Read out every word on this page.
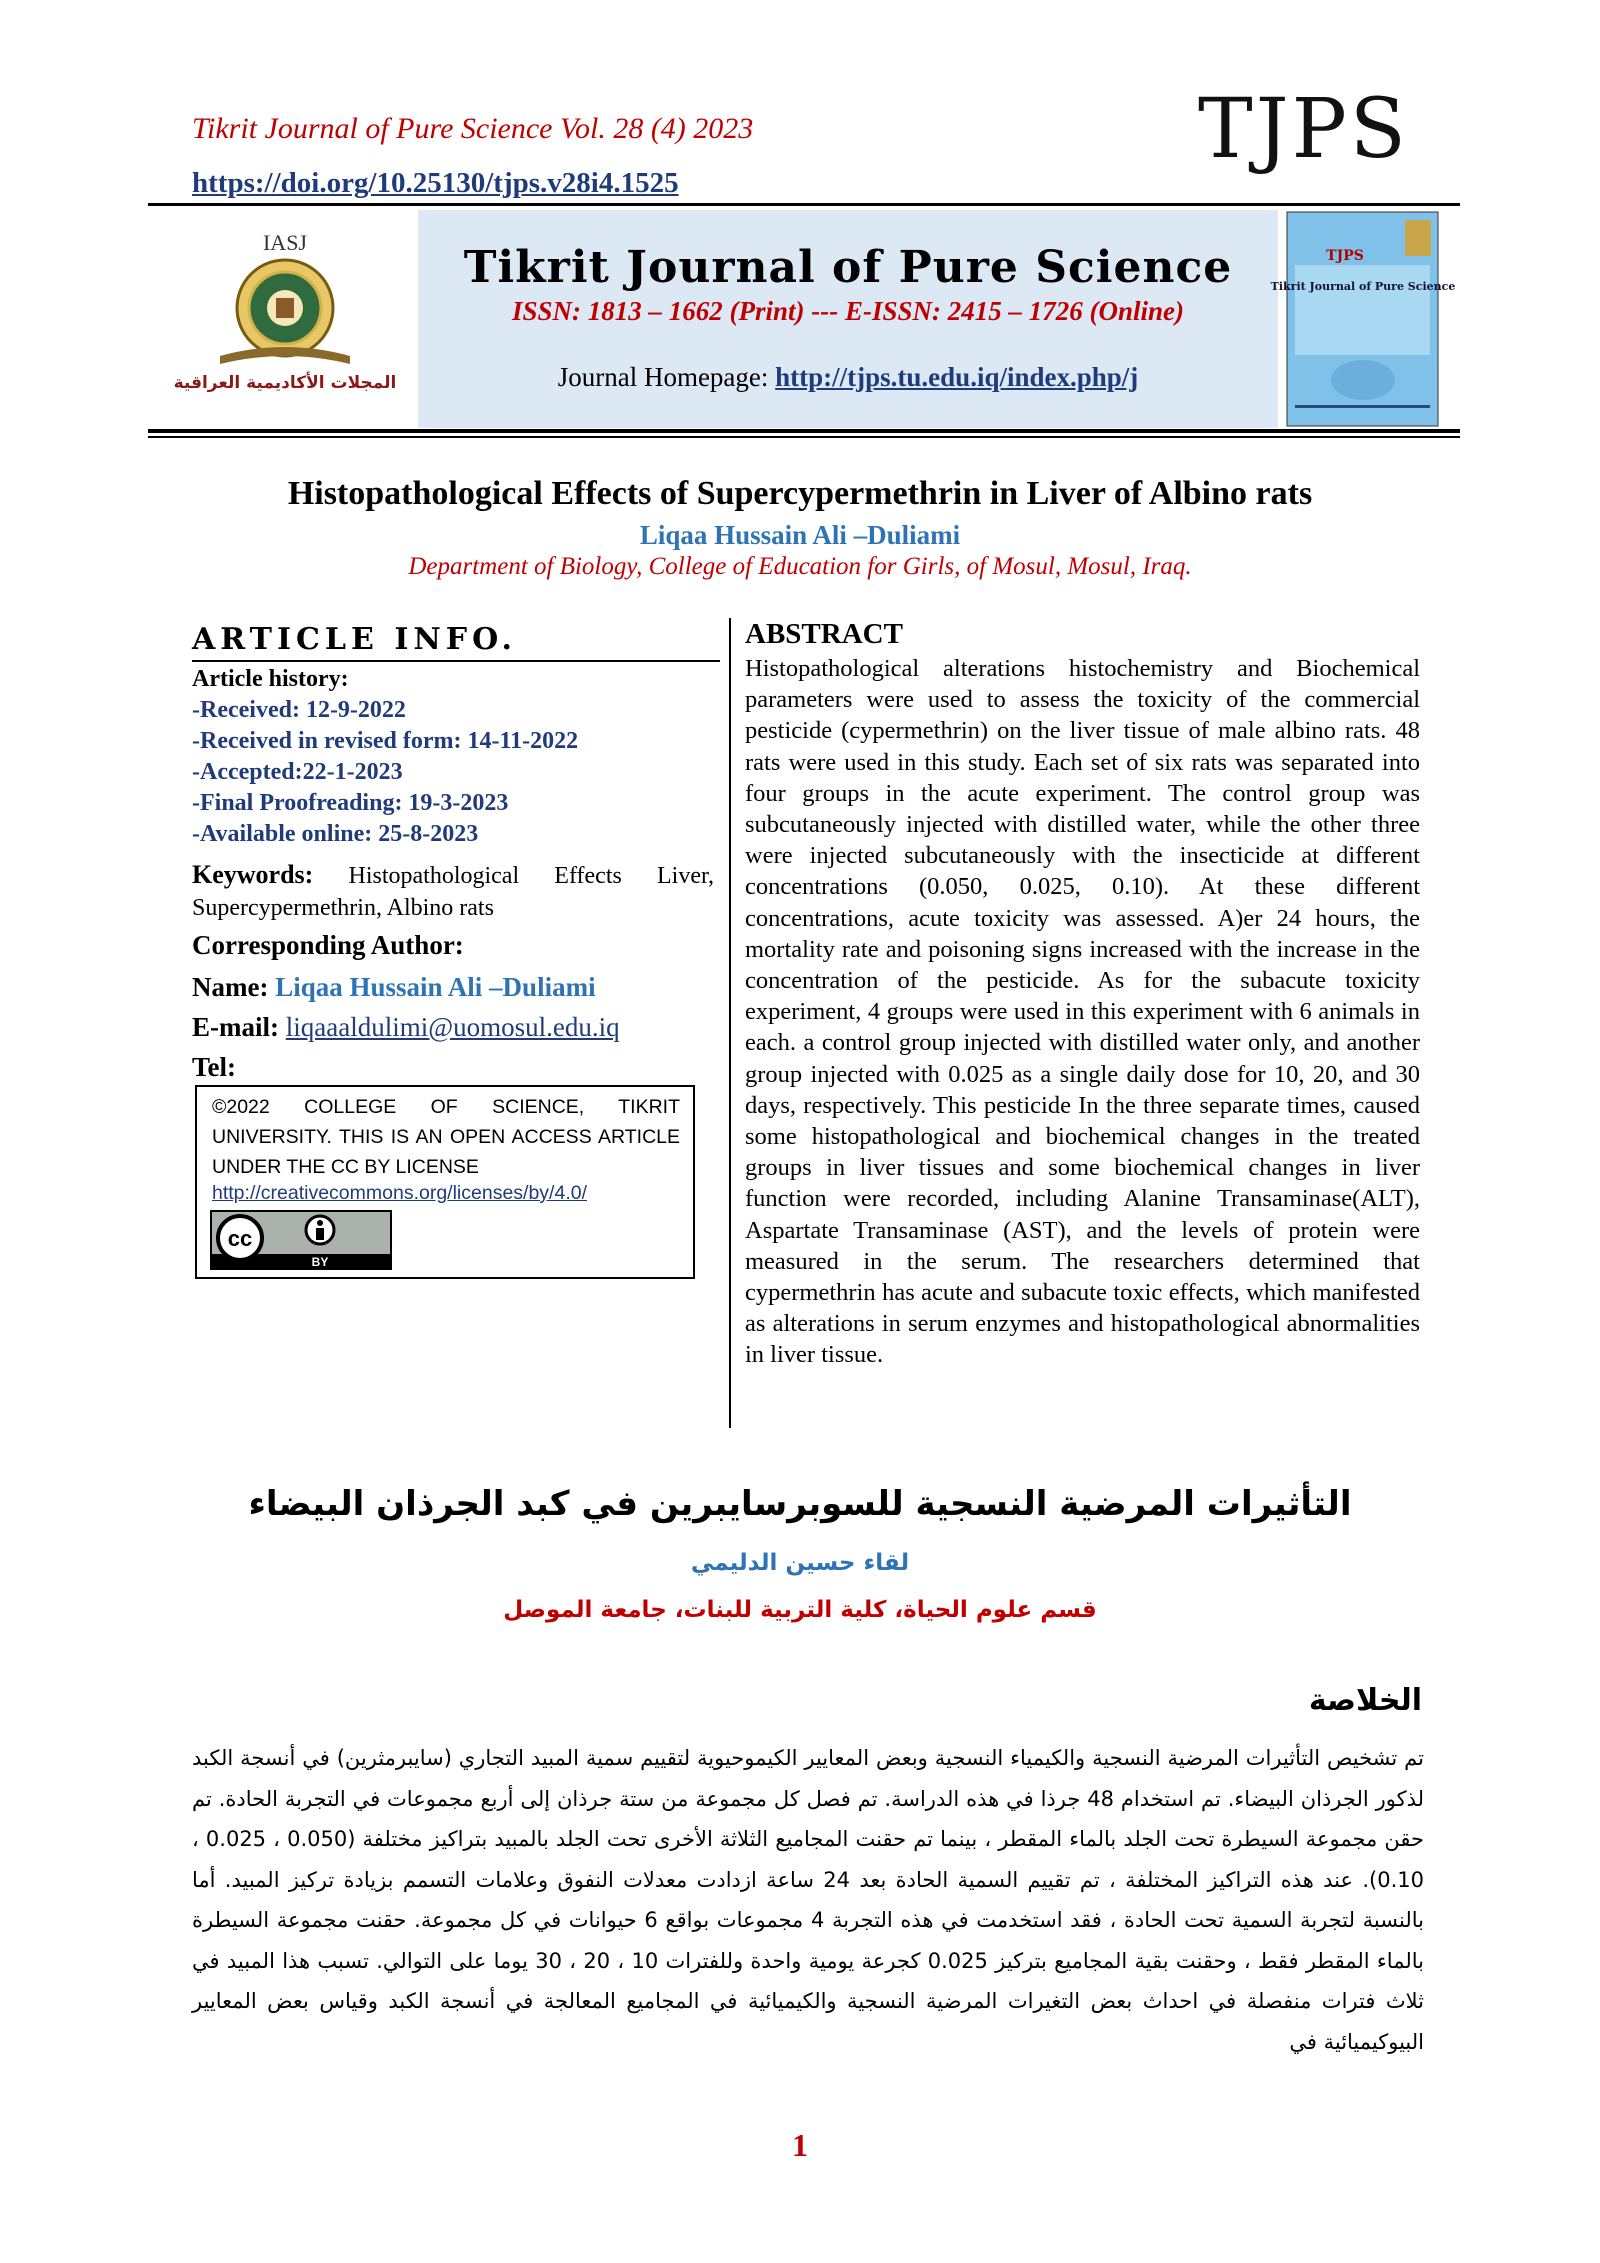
Tikrit Journal of Pure Science Vol. 28 (4) 2023
https://doi.org/10.25130/tjps.v28i4.1525
TJPS
IASJ
المجلات الأكاديمية العراقية
TJPS
Tikrit Journal of Pure Science
Tikrit Journal of Pure Science
ISSN: 1813 – 1662 (Print) --- E-ISSN: 2415 – 1726 (Online)
Journal Homepage: http://tjps.tu.edu.iq/index.php/j
Histopathological Effects of Supercypermethrin in Liver of Albino rats
Liqaa Hussain Ali –Duliami
Department of Biology, College of Education for Girls, of Mosul, Mosul, Iraq.
ARTICLE INFO.
Article history:
-Received: 12-9-2022
-Received in revised form: 14-11-2022
-Accepted:22-1-2023
-Final Proofreading: 19-3-2023
-Available online: 25-8-2023
Keywords: Histopathological Effects Liver, Supercypermethrin, Albino rats
Corresponding Author:
Name: Liqaa Hussain Ali –Duliami
E-mail: liqaaaldulimi@uomosul.edu.iq
Tel:
©2022 COLLEGE OF SCIENCE, TIKRIT UNIVERSITY. THIS IS AN OPEN ACCESS ARTICLE UNDER THE CC BY LICENSE
http://creativecommons.org/licenses/by/4.0/
cc
BY
ABSTRACT
Histopathological alterations histochemistry and Biochemical parameters were used to assess the toxicity of the commercial pesticide (cypermethrin) on the liver tissue of male albino rats. 48 rats were used in this study. Each set of six rats was separated into four groups in the acute experiment. The control group was subcutaneously injected with distilled water, while the other three were injected subcutaneously with the insecticide at different concentrations (0.050, 0.025, 0.10). At these different concentrations, acute toxicity was assessed. A)er 24 hours, the mortality rate and poisoning signs increased with the increase in the concentration of the pesticide. As for the subacute toxicity experiment, 4 groups were used in this experiment with 6 animals in each. a control group injected with distilled water only, and another group injected with 0.025 as a single daily dose for 10, 20, and 30 days, respectively. This pesticide In the three separate times, caused some histopathological and biochemical changes in the treated groups in liver tissues and some biochemical changes in liver function were recorded, including Alanine Transaminase(ALT), Aspartate Transaminase (AST), and the levels of protein were measured in the serum. The researchers determined that cypermethrin has acute and subacute toxic effects, which manifested as alterations in serum enzymes and histopathological abnormalities in liver tissue.
التأثيرات المرضية النسجية للسوبرسايبرين في كبد الجرذان البيضاء
لقاء حسين الدليمي
قسم علوم الحياة، كلية التربية للبنات، جامعة الموصل
الخلاصة
تم تشخيص التأثيرات المرضية النسجية والكيمياء النسجية وبعض المعايير الكيموحيوية لتقييم سمية المبيد التجاري (سايبرمثرين) في أنسجة الكبد لذكور الجرذان البيضاء. تم استخدام 48 جرذا في هذه الدراسة. تم فصل كل مجموعة من ستة جرذان إلى أربع مجموعات في التجربة الحادة. تم حقن مجموعة السيطرة تحت الجلد بالماء المقطر ، بينما تم حقنت المجاميع الثلاثة الأخرى تحت الجلد بالمبيد بتراكيز مختلفة (0.050 ، 0.025 ، 0.10). عند هذه التراكيز المختلفة ، تم تقييم السمية الحادة بعد 24 ساعة ازدادت معدلات النفوق وعلامات التسمم بزيادة تركيز المبيد. أما بالنسبة لتجربة السمية تحت الحادة ، فقد استخدمت في هذه التجربة 4 مجموعات بواقع 6 حيوانات في كل مجموعة. حقنت مجموعة السيطرة بالماء المقطر فقط ، وحقنت بقية المجاميع بتركيز 0.025 كجرعة يومية واحدة وللفترات 10 ، 20 ، 30 يوما على التوالي. تسبب هذا المبيد في ثلاث فترات منفصلة في احداث بعض التغيرات المرضية النسجية والكيميائية في المجاميع المعالجة في أنسجة الكبد وقياس بعض المعايير البيوكيميائية في
1
